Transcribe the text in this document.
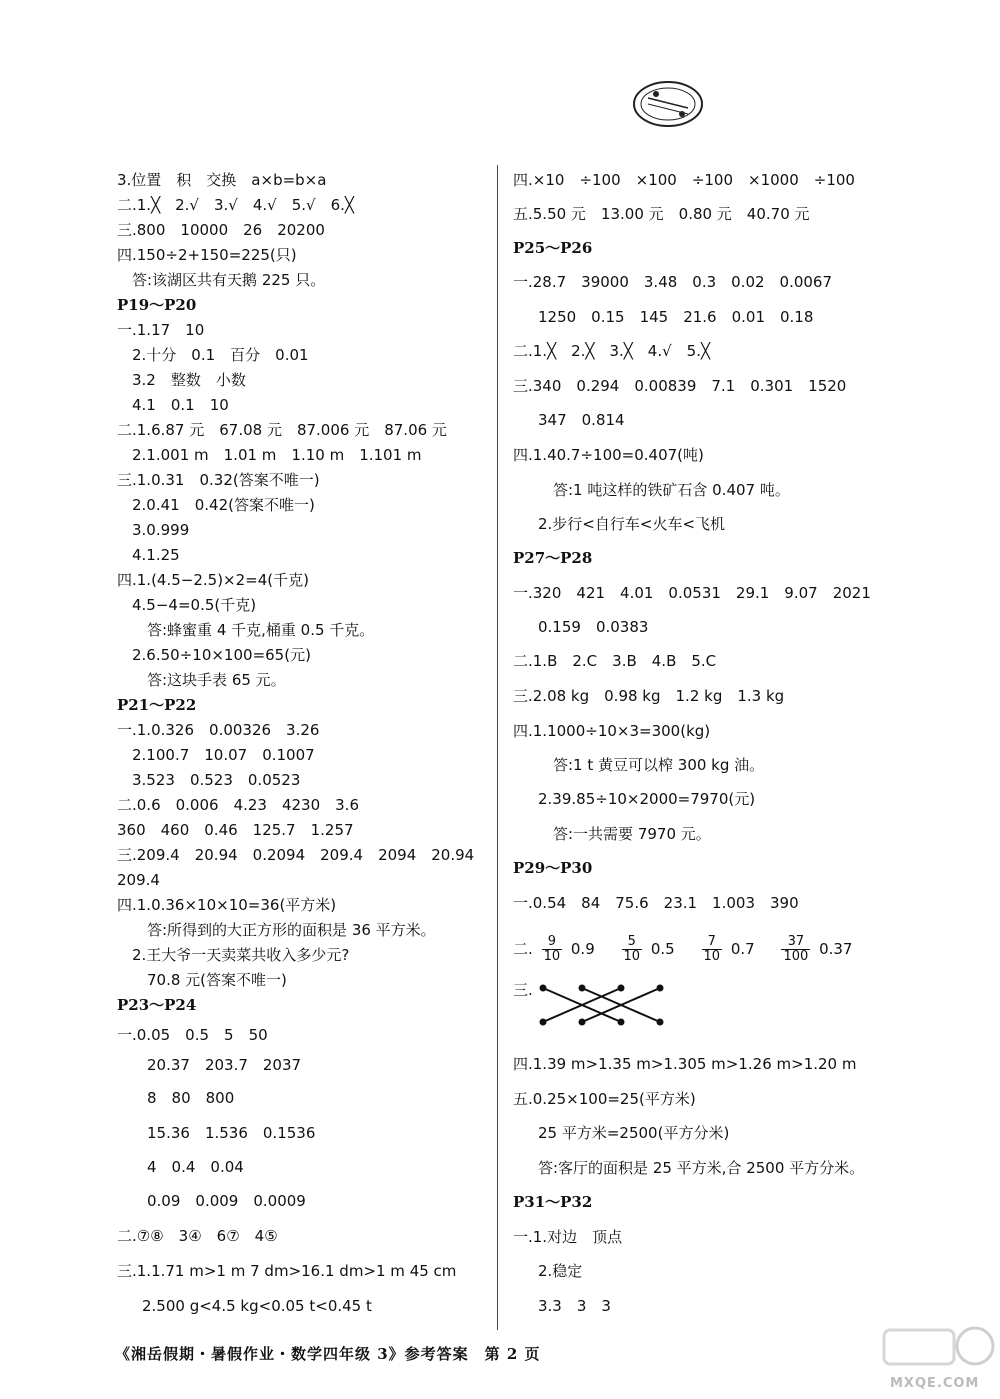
3.位置　积　交换　a×b=b×a
二.1.╳　2.√　3.√　4.√　5.√　6.╳
三.800　10000　26　20200
四.150÷2+150=225(只)
答:该湖区共有天鹅 225 只。
P19～P20
一.1.17　10
2.十分　0.1　百分　0.01
3.2　整数　小数
4.1　0.1　10
二.1.6.87 元　67.08 元　87.006 元　87.06 元
2.1.001 m　1.01 m　1.10 m　1.101 m
三.1.0.31　0.32(答案不唯一)
2.0.41　0.42(答案不唯一)
3.0.999
4.1.25
四.1.(4.5−2.5)×2=4(千克)
4.5−4=0.5(千克)
答:蜂蜜重 4 千克,桶重 0.5 千克。
2.6.50÷10×100=65(元)
答:这块手表 65 元。
P21～P22
一.1.0.326　0.00326　3.26
2.100.7　10.07　0.1007
3.523　0.523　0.0523
二.0.6　0.006　4.23　4230　3.6
360　460　0.46　125.7　1.257
三.209.4　20.94　0.2094　209.4　2094　20.94
209.4
四.1.0.36×10×10=36(平方米)
答:所得到的大正方形的面积是 36 平方米。
2.王大爷一天卖菜共收入多少元?
70.8 元(答案不唯一)
P23～P24
一.0.05　0.5　5　50
20.37　203.7　2037
8　80　800
15.36　1.536　0.1536
4　0.4　0.04
0.09　0.009　0.0009
二.⑦⑧　3④　6⑦　4⑤
三.1.1.71 m>1 m 7 dm>16.1 dm>1 m 45 cm
2.500 g<4.5 kg<0.05 t<0.45 t
四.×10　÷100　×100　÷100　×1000　÷100
五.5.50 元　13.00 元　0.80 元　40.70 元
P25～P26
一.28.7　39000　3.48　0.3　0.02　0.0067
1250　0.15　145　21.6　0.01　0.18
二.1.╳　2.╳　3.╳　4.√　5.╳
三.340　0.294　0.00839　7.1　0.301　1520
347　0.814
四.1.40.7÷100=0.407(吨)
答:1 吨这样的铁矿石含 0.407 吨。
2.步行<自行车<火车<飞机
P27～P28
一.320　421　4.01　0.0531　29.1　9.07　2021
0.159　0.0383
二.1.B　2.C　3.B　4.B　5.C
三.2.08 kg　0.98 kg　1.2 kg　1.3 kg
四.1.1000÷10×3=300(kg)
答:1 t 黄豆可以榨 300 kg 油。
2.39.85÷10×2000=7970(元)
答:一共需要 7970 元。
P29～P30
一.0.54　84　75.6　23.1　1.003　390
二. $\frac{9}{10} 0.9 \frac{5}{10} 0.5 \frac{7}{10} 0.7 \frac{37}{100} 0.37$
三.
四.1.39 m>1.35 m>1.305 m>1.26 m>1.20 m
五.0.25×100=25(平方米)
25 平方米=2500(平方分米)
答:客厅的面积是 25 平方米,合 2500 平方分米。
P31～P32
一.1.对边　顶点
2.稳定
3.3　3　3
《湘岳假期・暑假作业・数学四年级 3》参考答案　第 2 页
MXQE.COM
